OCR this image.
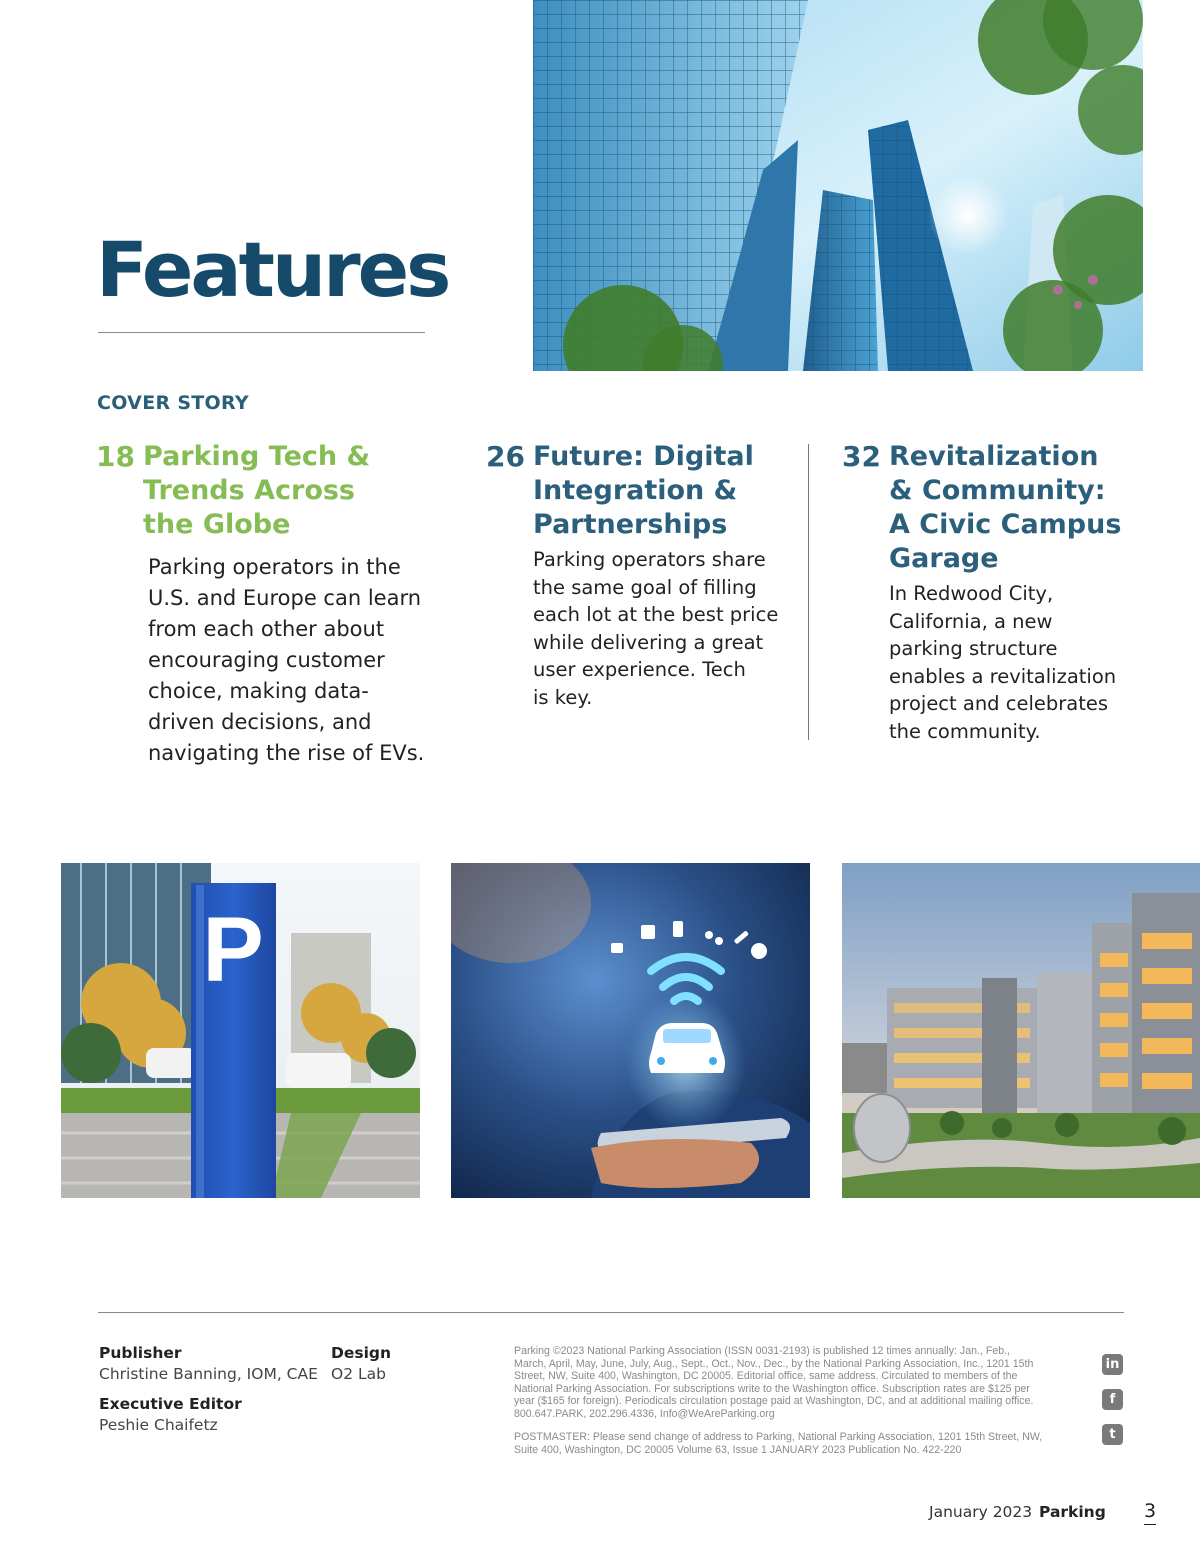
Features
COVER STORY
18 Parking Tech &
Trends Across
the Globe
Parking operators in the
U.S. and Europe can learn
from each other about
encouraging customer
choice, making data-
driven decisions, and
navigating the rise of EVs.
26 Future: Digital
Integration &
Partnerships
Parking operators share
the same goal of filling
each lot at the best price
while delivering a great
user experience. Tech
is key.
32 Revitalization
& Community:
A Civic Campus
Garage
In Redwood City,
California, a new
parking structure
enables a revitalization
project and celebrates
the community.
P
Publisher
Christine Banning, IOM, CAE
Design
O2 Lab
Executive Editor
Peshie Chaifetz
Parking ©2023 National Parking Association (ISSN 0031-2193) is published 12 times annually: Jan., Feb.,
March, April, May, June, July, Aug., Sept., Oct., Nov., Dec., by the National Parking Association, Inc., 1201 15th
Street, NW, Suite 400, Washington, DC 20005. Editorial office, same address. Circulated to members of the
National Parking Association. For subscriptions write to the Washington office. Subscription rates are $125 per
year ($165 for foreign). Periodicals circulation postage paid at Washington, DC, and at additional mailing office.
800.647.PARK, 202.296.4336, Info@WeAreParking.org
POSTMASTER: Please send change of address to Parking, National Parking Association, 1201 15th Street, NW,
Suite 400, Washington, DC 20005 Volume 63, Issue 1 JANUARY 2023 Publication No. 422-220
in
f
t
January 2023 Parking 3
